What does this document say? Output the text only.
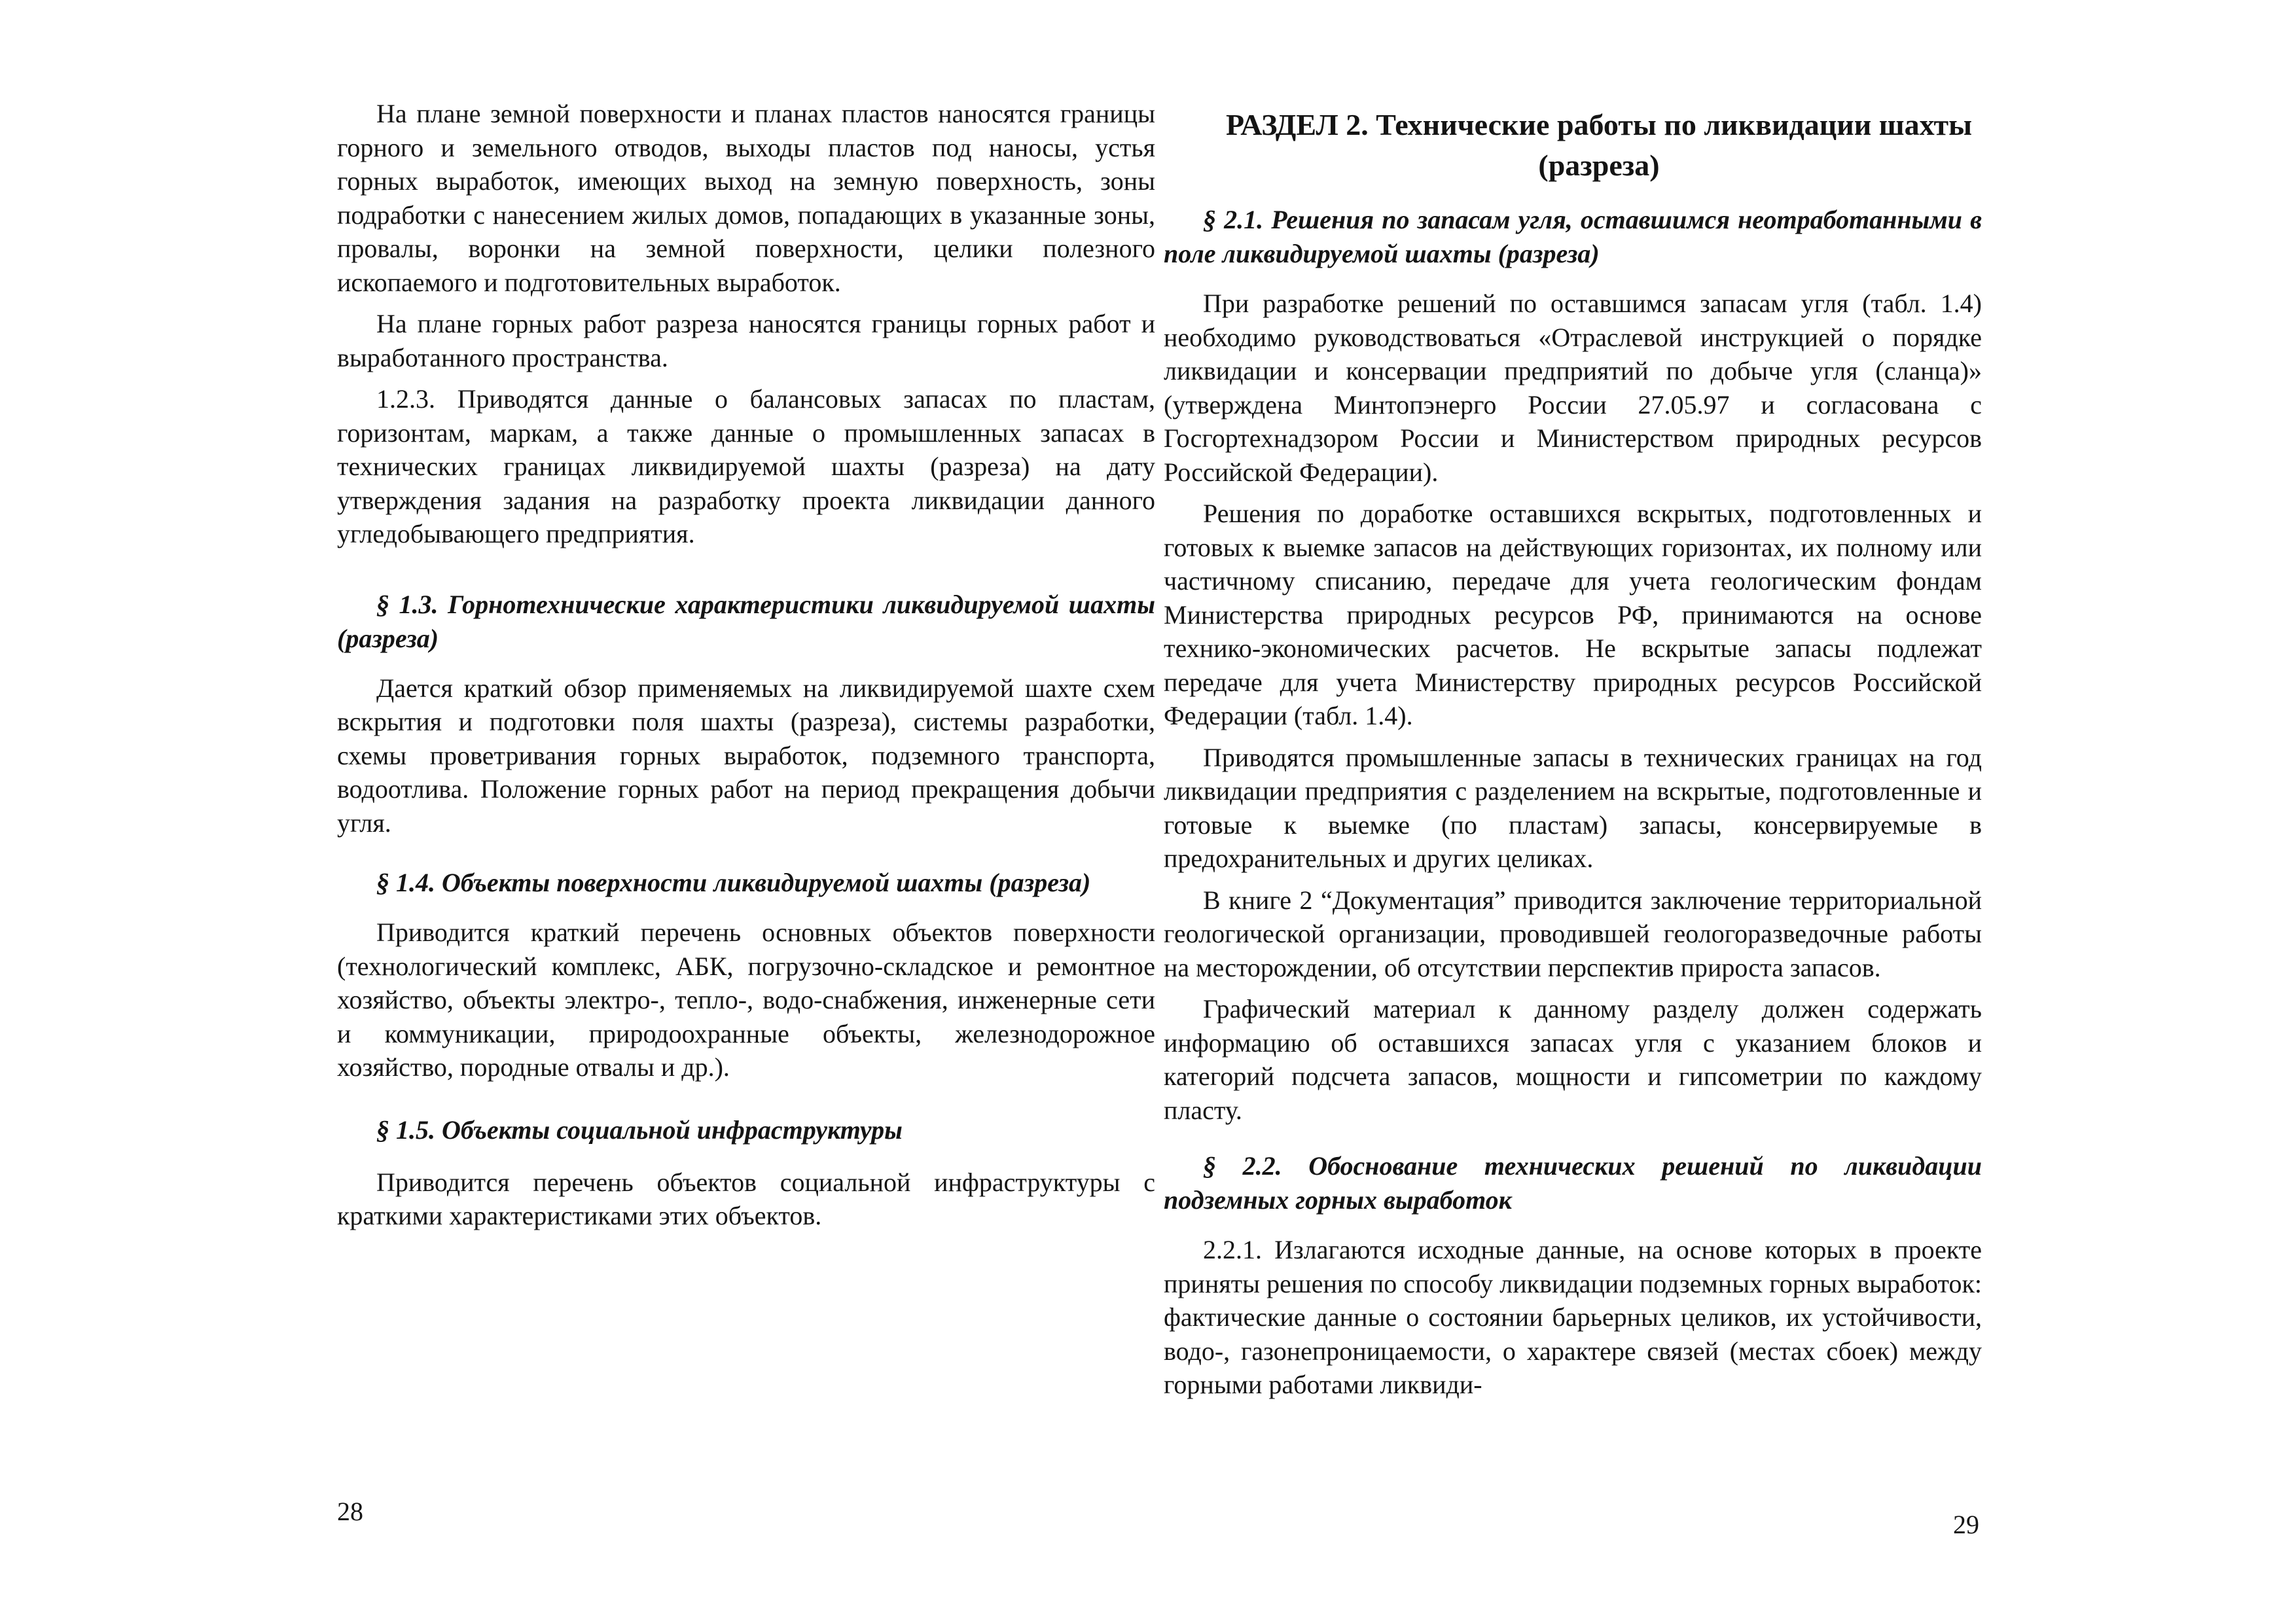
На плане земной поверхности и планах пластов наносятся границы горного и земельного отводов, выходы пластов под наносы, устья горных выработок, имеющих выход на земную поверхность, зоны подработки с нанесением жилых домов, попадающих в указанные зоны, провалы, воронки на земной поверхности, целики полезного ископаемого и подготовительных выработок.

На плане горных работ разреза наносятся границы горных работ и выработанного пространства.

1.2.3. Приводятся данные о балансовых запасах по пластам, горизонтам, маркам, а также данные о промышленных запасах в технических границах ликвидируемой шахты (разреза) на дату утверждения задания на разработку проекта ликвидации данного угледобывающего предприятия.

§ 1.3. Горнотехнические характеристики ликвидируемой шахты (разреза)

Дается краткий обзор применяемых на ликвидируемой шахте схем вскрытия и подготовки поля шахты (разреза), системы разработки, схемы проветривания горных выработок, подземного транспорта, водоотлива. Положение горных работ на период прекращения добычи угля.

§ 1.4. Объекты поверхности ликвидируемой шахты (разреза)

Приводится краткий перечень основных объектов поверхности (технологический комплекс, АБК, погрузочно-складское и ремонтное хозяйство, объекты электро-, тепло-, водо-снабжения, инженерные сети и коммуникации, природоохранные объекты, железнодорожное хозяйство, породные отвалы и др.).

§ 1.5. Объекты социальной инфраструктуры

Приводится перечень объектов социальной инфраструктуры с краткими характеристиками этих объектов.

28
РАЗДЕЛ 2. Технические работы по ликвидации шахты (разреза)
§ 2.1. Решения по запасам угля, оставшимся неотработанными в поле ликвидируемой шахты (разреза)

При разработке решений по оставшимся запасам угля (табл. 1.4) необходимо руководствоваться «Отраслевой инструкцией о порядке ликвидации и консервации предприятий по добыче угля (сланца)» (утверждена Минтопэнерго России 27.05.97 и согласована с Госгортехнадзором России и Министерством природных ресурсов Российской Федерации).

Решения по доработке оставшихся вскрытых, подготовленных и готовых к выемке запасов на действующих горизонтах, их полному или частичному списанию, передаче для учета геологическим фондам Министерства природных ресурсов РФ, принимаются на основе технико-экономических расчетов. Не вскрытые запасы подлежат передаче для учета Министерству природных ресурсов Российской Федерации (табл. 1.4).

Приводятся промышленные запасы в технических границах на год ликвидации предприятия с разделением на вскрытые, подготовленные и готовые к выемке (по пластам) запасы, консервируемые в предохранительных и других целиках.

В книге 2 “Документация” приводится заключение территориальной геологической организации, проводившей геологоразведочные работы на месторождении, об отсутствии перспектив прироста запасов.

Графический материал к данному разделу должен содержать информацию об оставшихся запасах угля с указанием блоков и категорий подсчета запасов, мощности и гипсометрии по каждому пласту.

§ 2.2. Обоснование технических решений по ликвидации подземных горных выработок

2.2.1. Излагаются исходные данные, на основе которых в проекте приняты решения по способу ликвидации подземных горных выработок: фактические данные о состоянии барьерных целиков, их устойчивости, водо-, газонепроницаемости, о характере связей (местах сбоек) между горными работами ликвиди-

29
